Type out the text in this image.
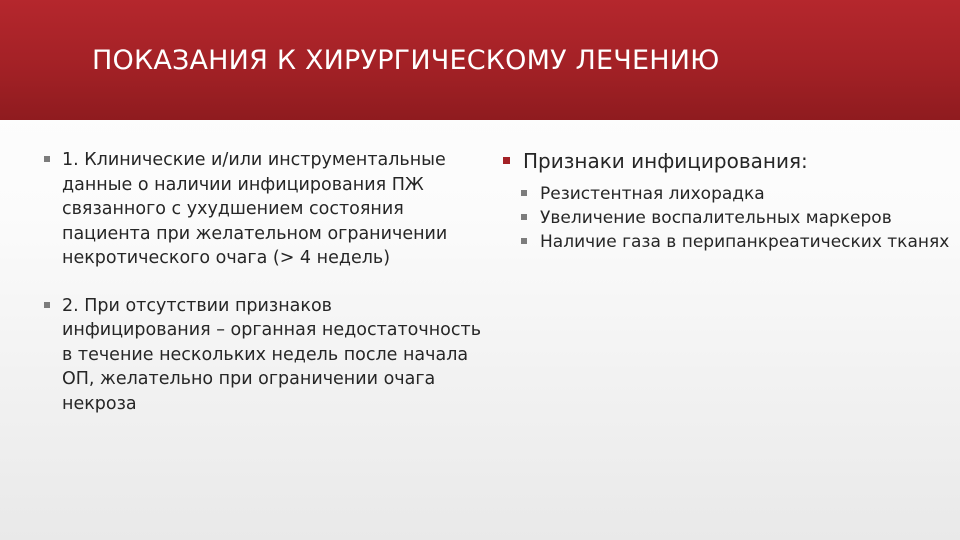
ПОКАЗАНИЯ К ХИРУРГИЧЕСКОМУ ЛЕЧЕНИЮ
1. Клинические и/или инструментальные данные о наличии инфицирования ПЖ связанного с ухудшением состояния пациента при желательном ограничении некротического очага (> 4 недель)
2. При отсутствии признаков инфицирования – органная недостаточность в течение нескольких недель после начала ОП, желательно при ограничении очага некроза
Признаки инфицирования:
Резистентная лихорадка
Увеличение воспалительных маркеров
Наличие газа в перипанкреатических тканях
